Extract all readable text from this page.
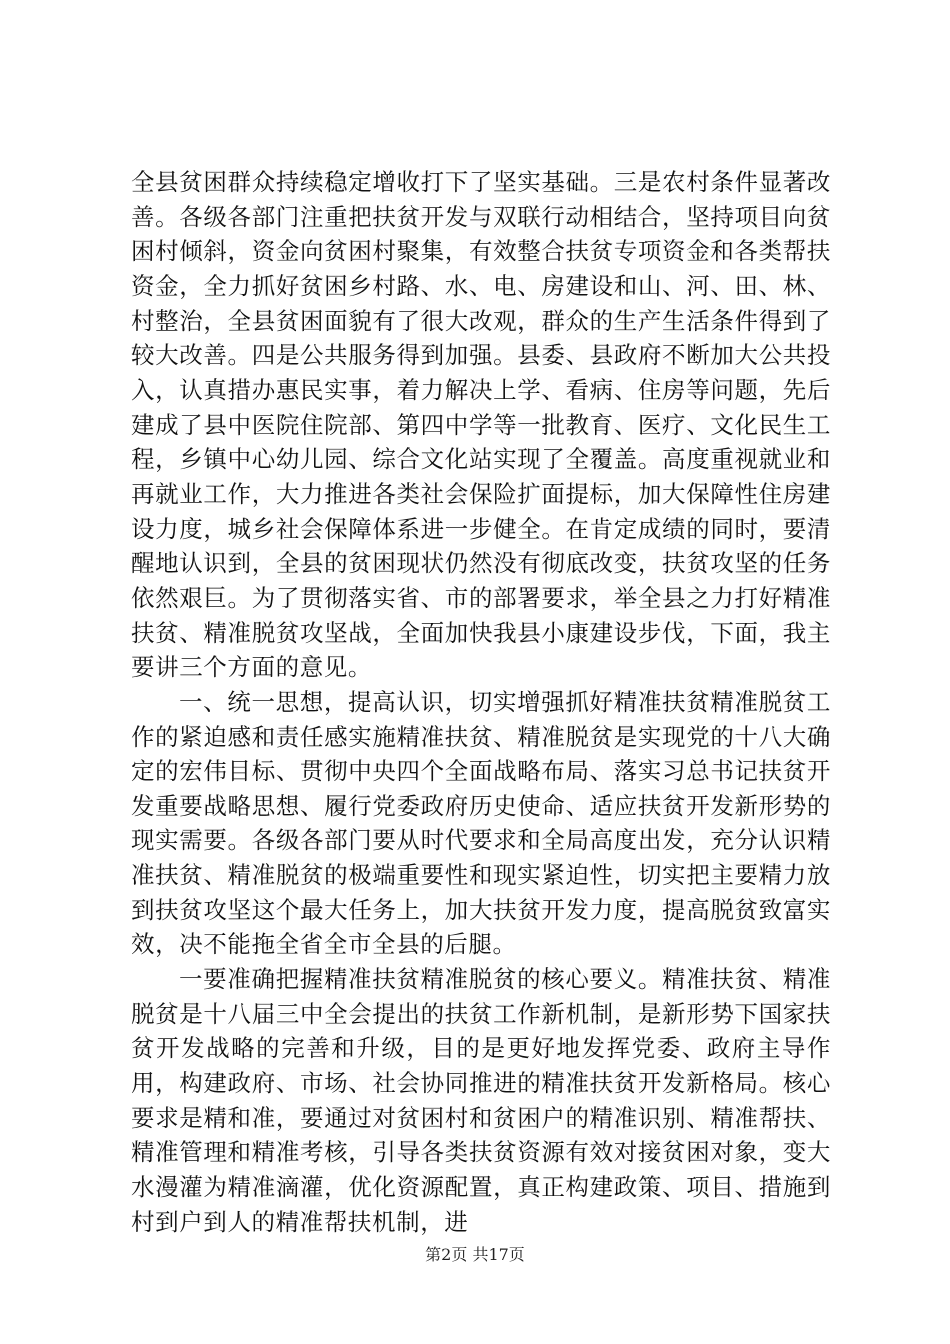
全县贫困群众持续稳定增收打下了坚实基础。三是农村条件显著改善。各级各部门注重把扶贫开发与双联行动相结合，坚持项目向贫困村倾斜，资金向贫困村聚集，有效整合扶贫专项资金和各类帮扶资金，全力抓好贫困乡村路、水、电、房建设和山、河、田、林、村整治，全县贫困面貌有了很大改观，群众的生产生活条件得到了较大改善。四是公共服务得到加强。县委、县政府不断加大公共投入，认真措办惠民实事，着力解决上学、看病、住房等问题，先后建成了县中医院住院部、第四中学等一批教育、医疗、文化民生工程，乡镇中心幼儿园、综合文化站实现了全覆盖。高度重视就业和再就业工作，大力推进各类社会保险扩面提标，加大保障性住房建设力度，城乡社会保障体系进一步健全。在肯定成绩的同时，要清醒地认识到，全县的贫困现状仍然没有彻底改变，扶贫攻坚的任务依然艰巨。为了贯彻落实省、市的部署要求，举全县之力打好精准扶贫、精准脱贫攻坚战，全面加快我县小康建设步伐，下面，我主要讲三个方面的意见。

一、统一思想，提高认识，切实增强抓好精准扶贫精准脱贫工作的紧迫感和责任感实施精准扶贫、精准脱贫是实现党的十八大确定的宏伟目标、贯彻中央四个全面战略布局、落实习总书记扶贫开发重要战略思想、履行党委政府历史使命、适应扶贫开发新形势的现实需要。各级各部门要从时代要求和全局高度出发，充分认识精准扶贫、精准脱贫的极端重要性和现实紧迫性，切实把主要精力放到扶贫攻坚这个最大任务上，加大扶贫开发力度，提高脱贫致富实效，决不能拖全省全市全县的后腿。

一要准确把握精准扶贫精准脱贫的核心要义。精准扶贫、精准脱贫是十八届三中全会提出的扶贫工作新机制，是新形势下国家扶贫开发战略的完善和升级，目的是更好地发挥党委、政府主导作用，构建政府、市场、社会协同推进的精准扶贫开发新格局。核心要求是精和准，要通过对贫困村和贫困户的精准识别、精准帮扶、精准管理和精准考核，引导各类扶贫资源有效对接贫困对象，变大水漫灌为精准滴灌，优化资源配置，真正构建政策、项目、措施到村到户到人的精准帮扶机制，进

第2页 共17页
